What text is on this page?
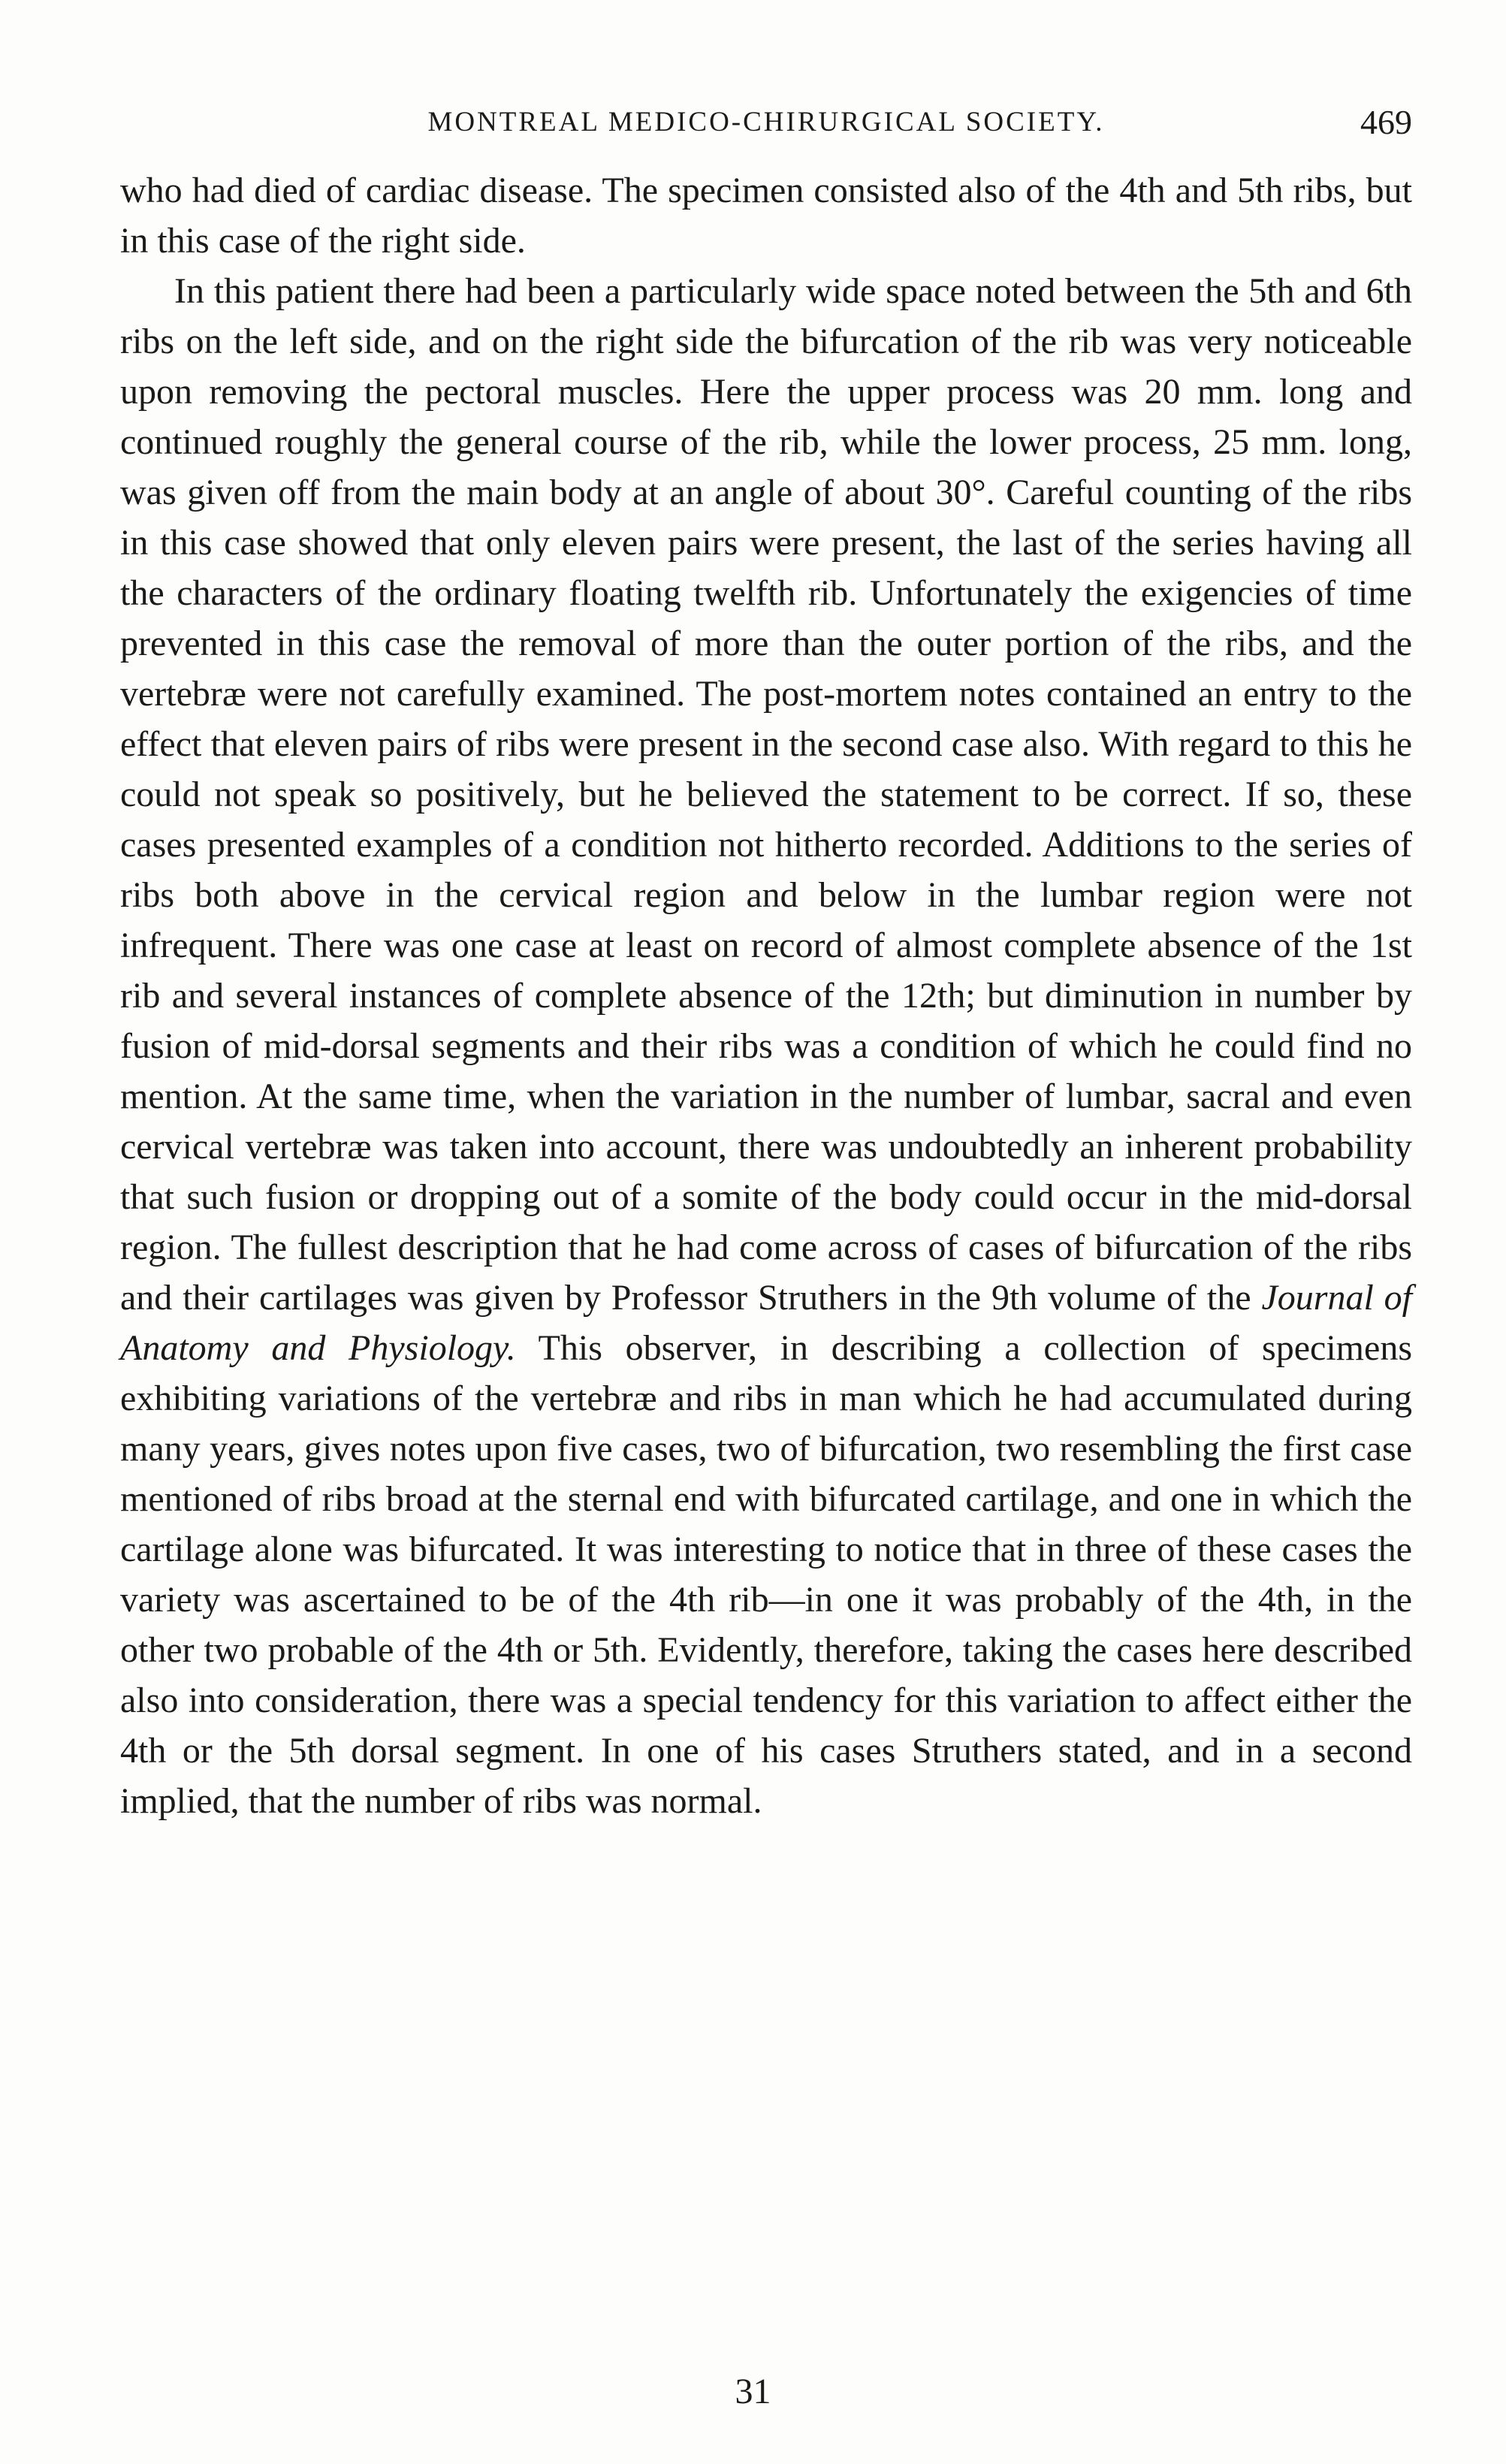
MONTREAL MEDICO-CHIRURGICAL SOCIETY.	469

who had died of cardiac disease. The specimen consisted also of the 4th and 5th ribs, but in this case of the right side.

In this patient there had been a particularly wide space noted between the 5th and 6th ribs on the left side, and on the right side the bifurcation of the rib was very noticeable upon removing the pectoral muscles. Here the upper process was 20 mm. long and continued roughly the general course of the rib, while the lower process, 25 mm. long, was given off from the main body at an angle of about 30°. Careful counting of the ribs in this case showed that only eleven pairs were present, the last of the series having all the characters of the ordinary floating twelfth rib. Unfortunately the exigencies of time prevented in this case the removal of more than the outer portion of the ribs, and the vertebræ were not carefully examined. The post-mortem notes contained an entry to the effect that eleven pairs of ribs were present in the second case also. With regard to this he could not speak so positively, but he believed the statement to be correct. If so, these cases presented examples of a condition not hitherto recorded. Additions to the series of ribs both above in the cervical region and below in the lumbar region were not infrequent. There was one case at least on record of almost complete absence of the 1st rib and several instances of complete absence of the 12th; but diminution in number by fusion of mid-dorsal segments and their ribs was a condition of which he could find no mention. At the same time, when the variation in the number of lumbar, sacral and even cervical vertebræ was taken into account, there was undoubtedly an inherent probability that such fusion or dropping out of a somite of the body could occur in the mid-dorsal region. The fullest description that he had come across of cases of bifurcation of the ribs and their cartilages was given by Professor Struthers in the 9th volume of the Journal of Anatomy and Physiology. This observer, in describing a collection of specimens exhibiting variations of the vertebræ and ribs in man which he had accumulated during many years, gives notes upon five cases, two of bifurcation, two resembling the first case mentioned of ribs broad at the sternal end with bifurcated cartilage, and one in which the cartilage alone was bifurcated. It was interesting to notice that in three of these cases the variety was ascertained to be of the 4th rib—in one it was probably of the 4th, in the other two probable of the 4th or 5th. Evidently, therefore, taking the cases here described also into consideration, there was a special tendency for this variation to affect either the 4th or the 5th dorsal segment. In one of his cases Struthers stated, and in a second implied, that the number of ribs was normal.

31
